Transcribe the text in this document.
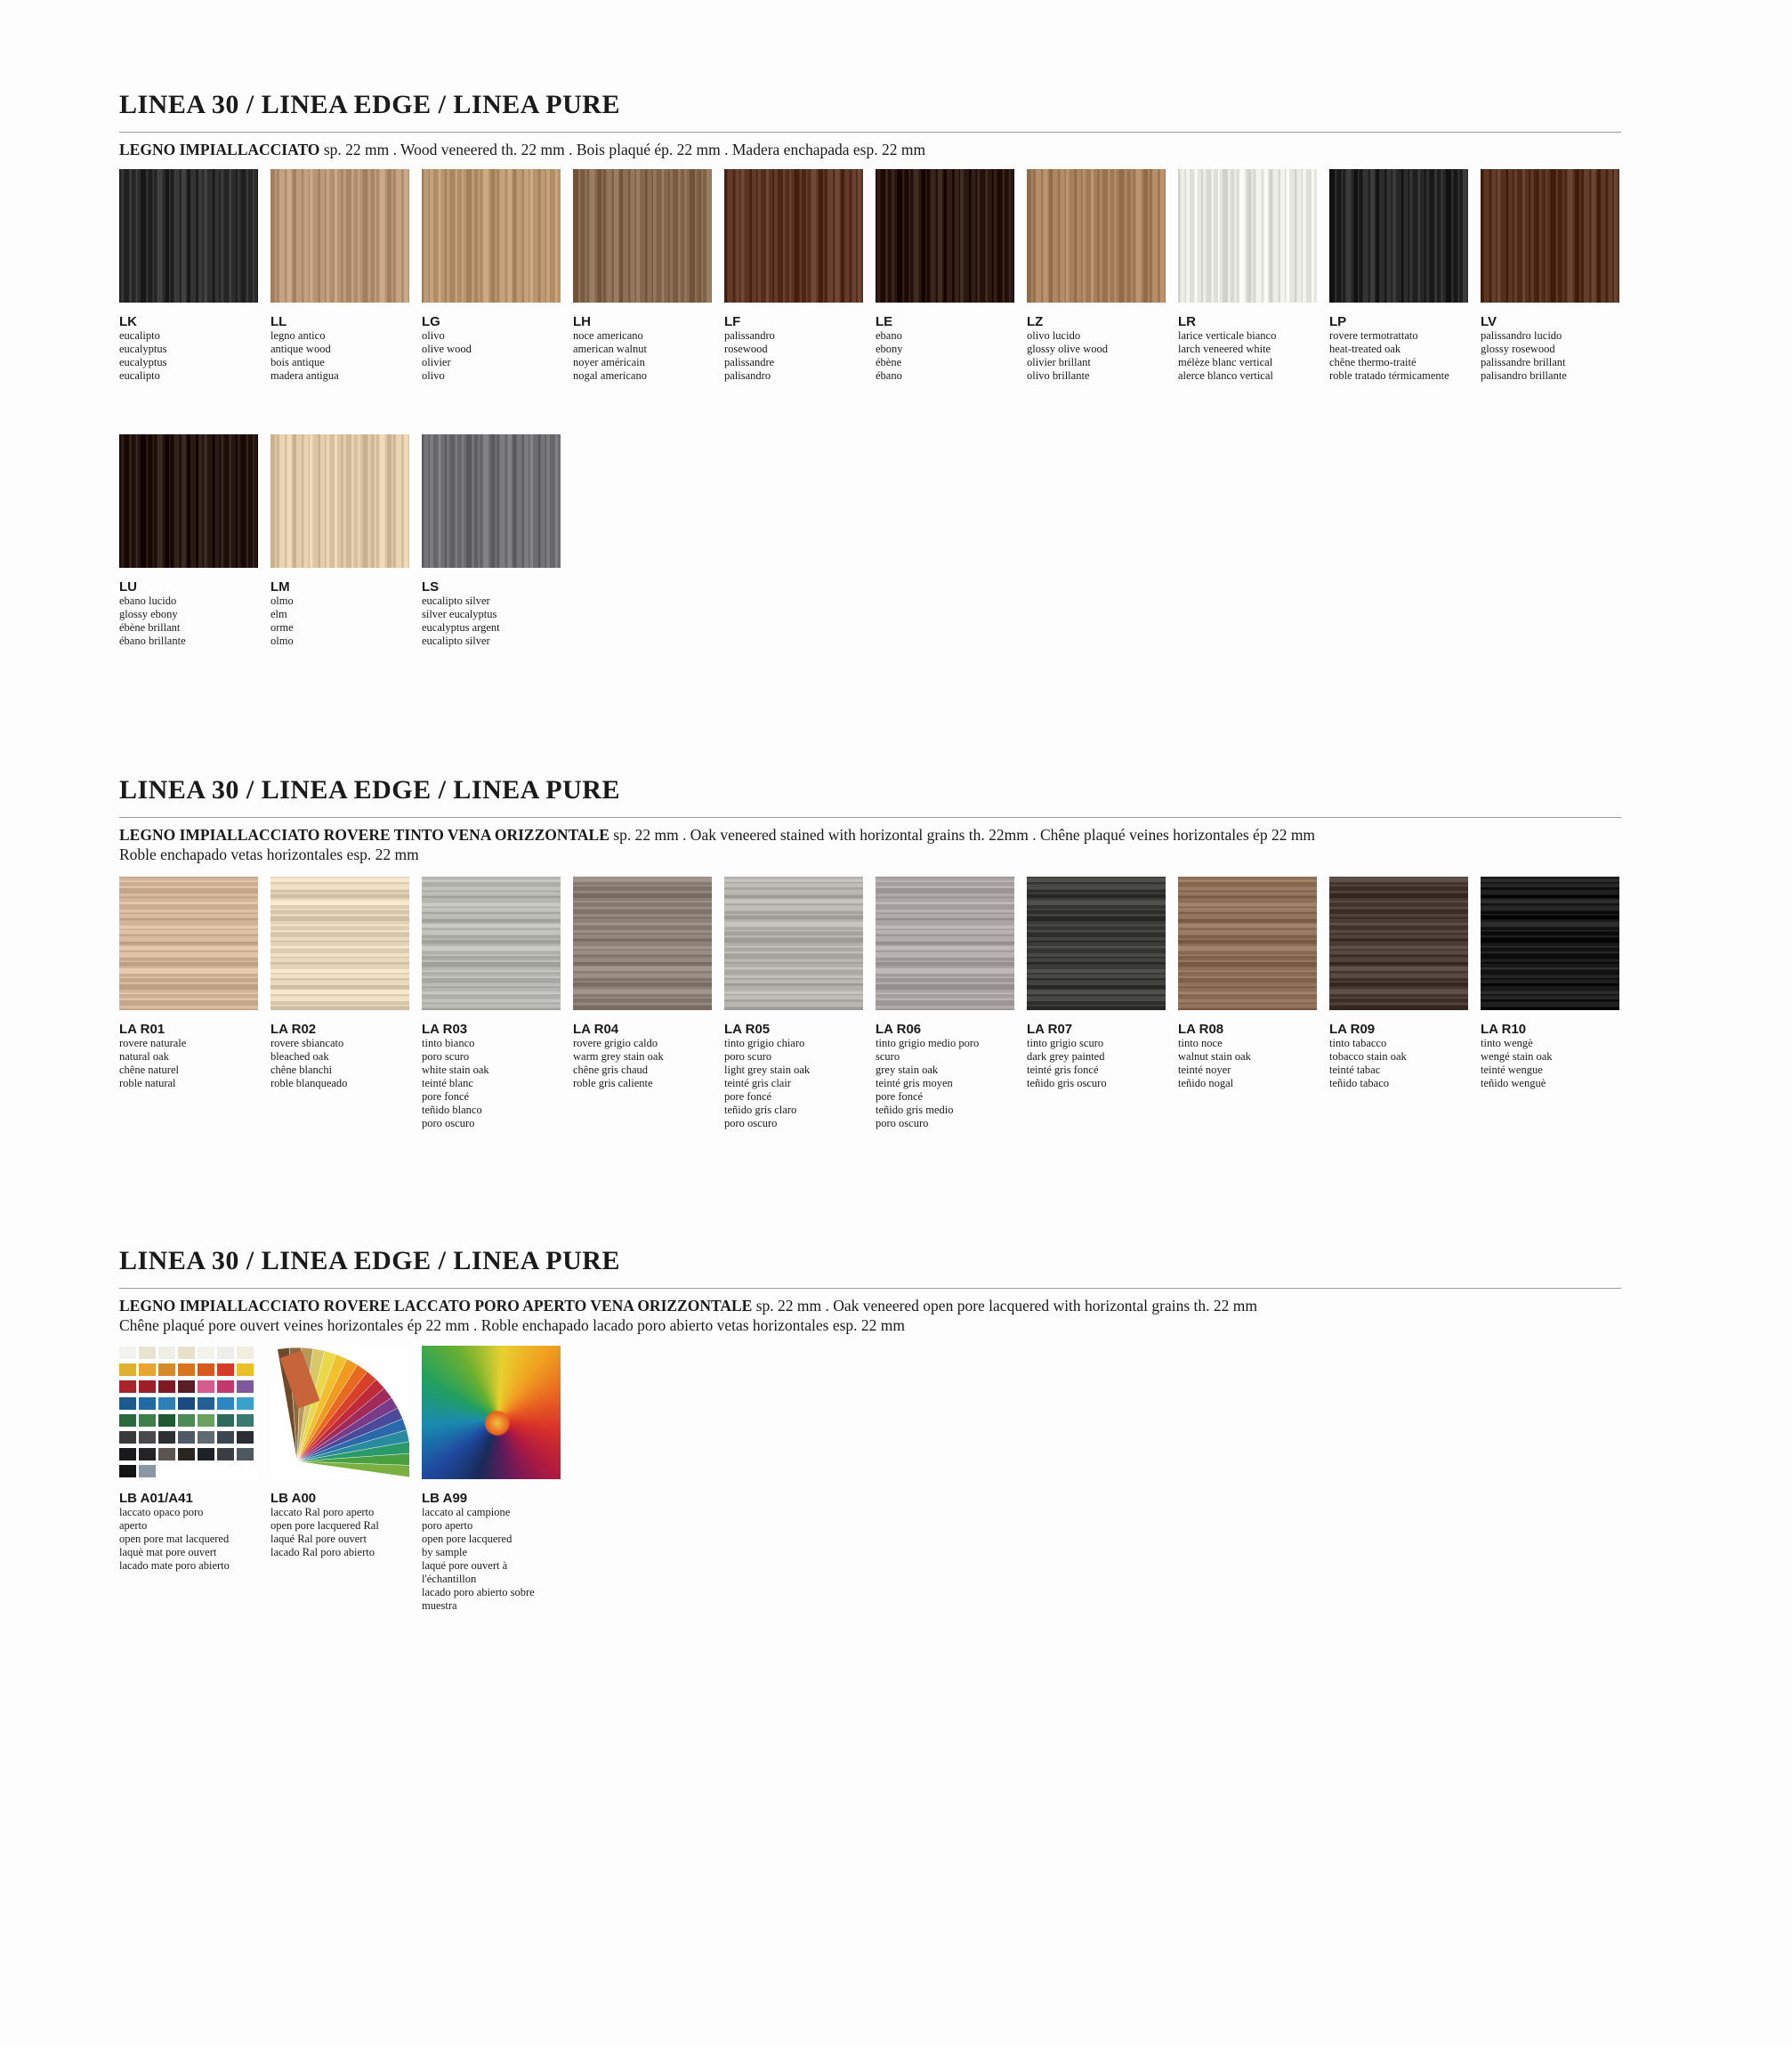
LINEA 30 / LINEA EDGE / LINEA PURE
LEGNO IMPIALLACCIATO sp. 22 mm . Wood veneered th. 22 mm . Bois plaqué ép. 22 mm . Madera enchapada esp. 22 mm
LK
eucalipto
eucalyptus
eucalyptus
eucalipto
LL
legno antico
antique wood
bois antique
madera antigua
LG
olivo
olive wood
olivier
olivo
LH
noce americano
american walnut
noyer américain
nogal americano
LF
palissandro
rosewood
palissandre
palisandro
LE
ebano
ebony
ébène
ébano
LZ
olivo lucido
glossy olive wood
olivier brillant
olivo brillante
LR
larice verticale bianco
larch veneered white
mélèze blanc vertical
alerce blanco vertical
LP
rovere termotrattato
heat-treated oak
chêne thermo-traité
roble tratado térmicamente
LV
palissandro lucido
glossy rosewood
palissandre brillant
palisandro brillante
LU
ebano lucido
glossy ebony
ébène brillant
ébano brillante
LM
olmo
elm
orme
olmo
LS
eucalipto silver
silver eucalyptus
eucalyptus argent
eucalipto silver
LINEA 30 / LINEA EDGE / LINEA PURE
LEGNO IMPIALLACCIATO ROVERE TINTO VENA ORIZZONTALE sp. 22 mm . Oak veneered stained with horizontal grains th. 22mm . Chêne plaqué veines horizontales ép 22 mm
Roble enchapado vetas horizontales esp. 22 mm
LA R01
rovere naturale
natural oak
chêne naturel
roble natural
LA R02
rovere sbiancato
bleached oak
chêne blanchi
roble blanqueado
LA R03
tinto bianco
poro scuro
white stain oak
teinté blanc
pore foncé
teñido blanco
poro oscuro
LA R04
rovere grigio caldo
warm grey stain oak
chêne gris chaud
roble gris caliente
LA R05
tinto grigio chiaro
poro scuro
light grey stain oak
teinté gris clair
pore foncé
teñido gris claro
poro oscuro
LA R06
tinto grigio medio poro
scuro
grey stain oak
teinté gris moyen
pore foncé
teñido gris medio
poro oscuro
LA R07
tinto grigio scuro
dark grey painted
teinté gris foncé
teñido gris oscuro
LA R08
tinto noce
walnut stain oak
teinté noyer
teñido nogal
LA R09
tinto tabacco
tobacco stain oak
teinté tabac
teñido tabaco
LA R10
tinto wengè
wengé stain oak
teinté wengue
teñido wenguè
LINEA 30 / LINEA EDGE / LINEA PURE
LEGNO IMPIALLACCIATO ROVERE LACCATO PORO APERTO VENA ORIZZONTALE sp. 22 mm . Oak veneered open pore lacquered with horizontal grains th. 22 mm
Chêne plaqué pore ouvert veines horizontales ép 22 mm . Roble enchapado lacado poro abierto vetas horizontales esp. 22 mm
LB A01/A41
laccato opaco poro
aperto
open pore mat lacquered
laquè mat pore ouvert
lacado mate poro abierto
LB A00
laccato Ral poro aperto
open pore lacquered Ral
laqué Ral pore ouvert
lacado Ral poro abierto
LB A99
laccato al campione
poro aperto
open pore lacquered
by sample
laqué pore ouvert à
l'échantillon
lacado poro abierto sobre
muestra
